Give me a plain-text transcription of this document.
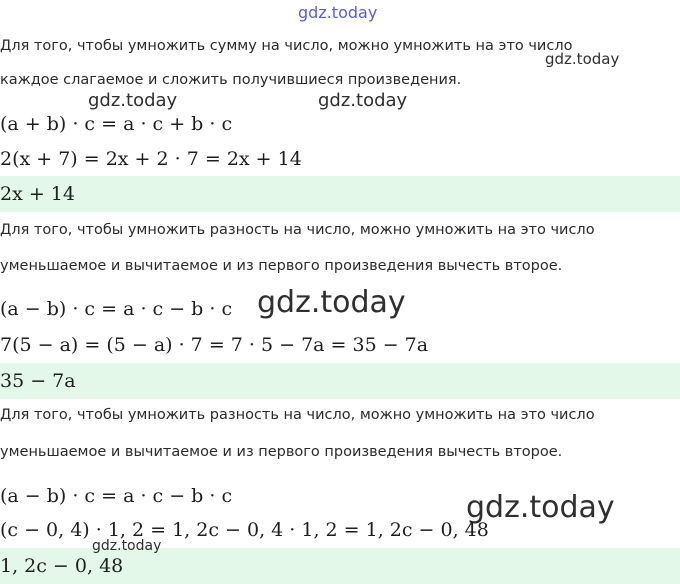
gdz.today
Для того, чтобы умножить сумму на число, можно умножить на это число
gdz.today
каждое слагаемое и сложить получившиеся произведения.
gdz.today	gdz.today
(a + b) · c = a · c + b · c
2(x + 7) = 2x + 2 · 7 = 2x + 14
2x + 14
Для того, чтобы умножить разность на число, можно умножить на это число
уменьшаемое и вычитаемое и из первого произведения вычесть второе.
(a − b) · c = a · c − b · c gdz.today
7(5 − a) = (5 − a) · 7 = 7 · 5 − 7a = 35 − 7a
35 − 7a
Для того, чтобы умножить разность на число, можно умножить на это число
уменьшаемое и вычитаемое и из первого произведения вычесть второе.
(a − b) · c = a · c − b · c	gdz.today
(c − 0, 4) · 1, 2 = 1, 2c − 0, 4 · 1, 2 = 1, 2c − 0, 48
gdz.today
1, 2c − 0, 48
